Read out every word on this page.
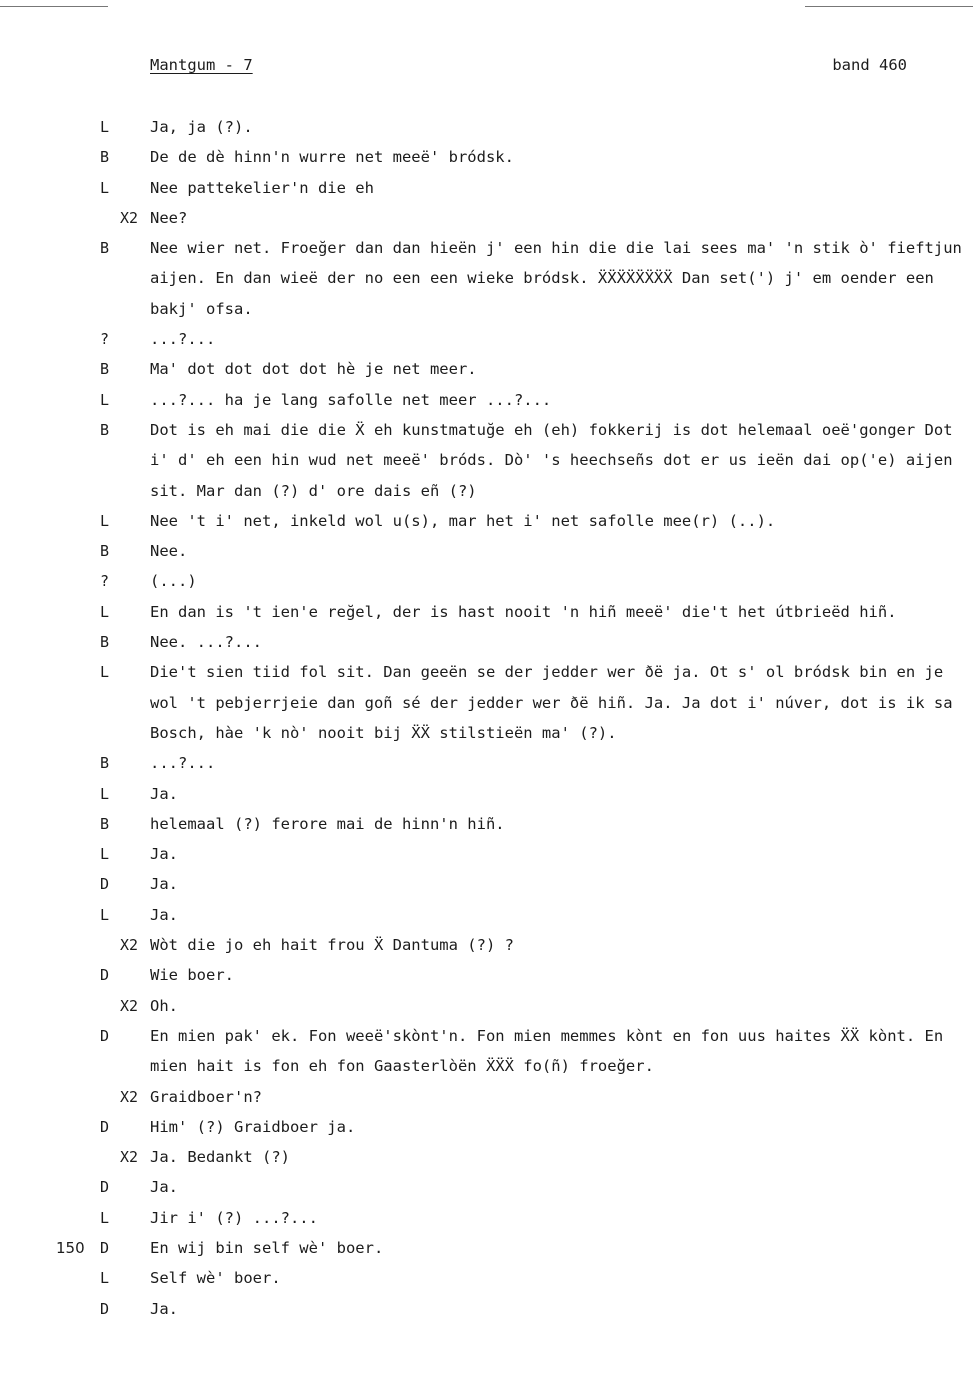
Mantgum - 7	band 460
L	Ja, ja (?).
B	De de dè hinn'n wurre net meeë' bródsk.
L	Nee pattekelier'n die eh
X2 Nee?
B	Nee wier net. Froeğer dan dan hieën j' een hin die die lai sees ma' 'n stik ò' fieftjun aijen. En dan wieë der no een een wieke bródsk. ẌẌẌẌẌẌẌẌ Dan set(') j' em oender een bakj' ofsa.
?	...?...
B	Ma' dot dot dot dot hè je net meer.
L	...?... ha je lang safolle net meer ...?...
B	Dot is eh mai die die Ẍ eh kunstmatuğe eh (eh) fokkerij is dot helemaal oeë'gonger Dot i' d' eh een hin wud net meeë' bróds. Dò' 's heechseñs dot er us ieën dai op('e) aijen sit. Mar dan (?) d' ore dais eñ (?)
L	Nee 't i' net, inkeld wol u(s), mar het i' net safolle mee(r) (..).
B	Nee.
?	(...)
L	En dan is 't ien'e reğel, der is hast nooit 'n hiñ meeë' die't het útbrieëd hiñ.
B	Nee. ...?...
L	Die't sien tiid fol sit. Dan geeën se der jedder wer ðë ja. Ot s' ol bródsk bin en je wol 't pebjerrjeie dan goñ sé der jedder wer ðë hiñ. Ja. Ja dot i' núver, dot is ik sa Bosch, hàe 'k nò' nooit bij ẌẌ stilstieën ma' (?).
B	...?...
L	Ja.
B	helemaal (?) ferore mai de hinn'n hiñ.
L	Ja.
D	Ja.
L	Ja.
X2 Wòt die jo eh hait frou Ẍ Dantuma (?) ?
D	Wie boer.
X2 Oh.
D	En mien pak' ek. Fon weeë'skònt'n. Fon mien memmes kònt en fon uus haites ẌẌ kònt. En mien hait is fon eh fon Gaasterlòën ẌẌẌ fo(ñ) froeğer.
X2 Graidboer'n?
D	Him' (?) Graidboer ja.
X2 Ja. Bedankt (?)
D	Ja.
L	Jir i' (?) ...?...
150 D	En wij bin self wè' boer.
L	Self wè' boer.
D	Ja.
